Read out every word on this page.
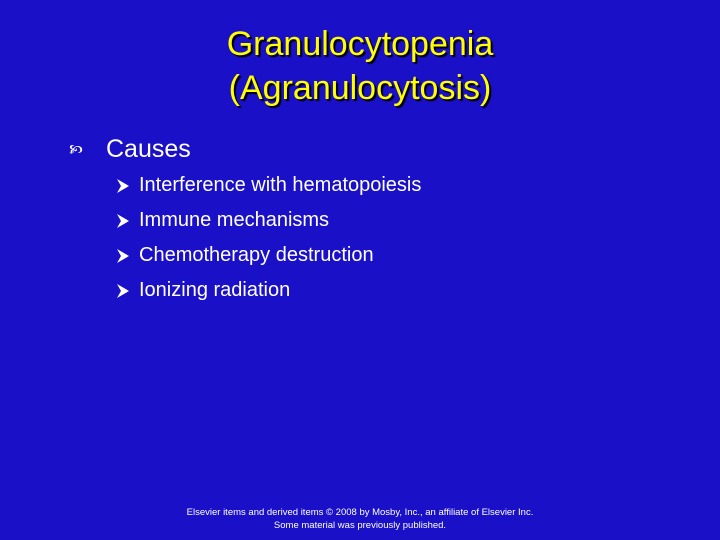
Granulocytopenia
(Agranulocytosis)
🙥 Causes
Interference with hematopoiesis
Immune mechanisms
Chemotherapy destruction
Ionizing radiation
Elsevier items and derived items © 2008 by Mosby, Inc., an affiliate of Elsevier Inc.
Some material was previously published.
